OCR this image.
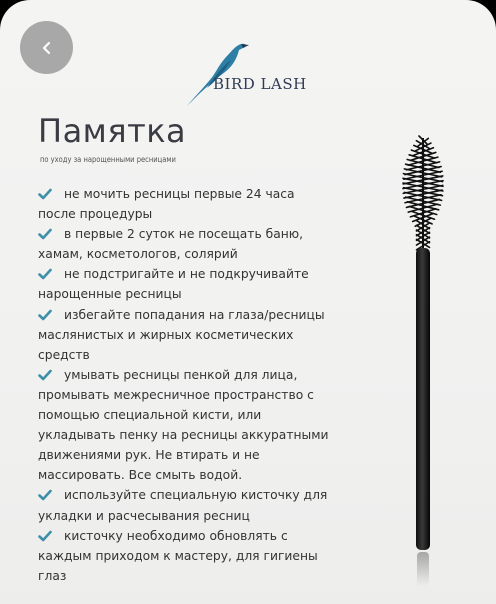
BIRD LASH
Памятка
по уходу за нарощенными ресницами
не мочить ресницы первые 24 часа после процедуры
в первые 2 суток не посещать баню, хамам, косметологов, солярий
не подстригайте и не подкручивайте нарощенные ресницы
избегайте попадания на глаза/ресницы маслянистых и жирных косметических средств
умывать ресницы пенкой для лица, промывать межресничное пространство с помощью специальной кисти, или укладывать пенку на ресницы аккуратными движениями рук. Не втирать и не массировать. Все смыть водой.
используйте специальную кисточку для укладки и расчесывания ресниц
кисточку необходимо обновлять с каждым приходом к мастеру, для гигиены глаз
